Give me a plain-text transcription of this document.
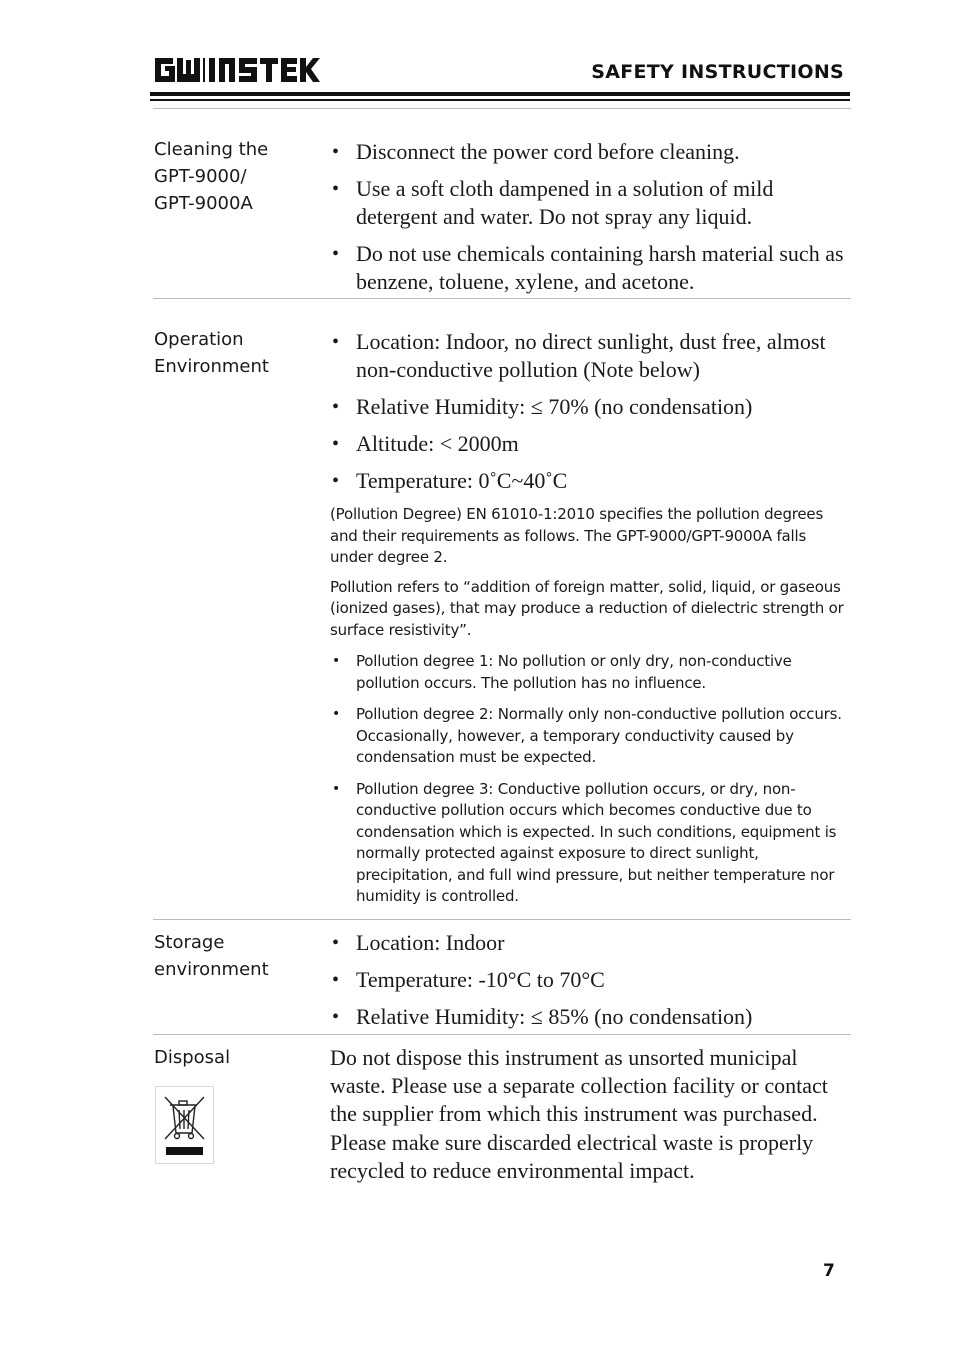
SAFETY INSTRUCTIONS
Cleaning the
GPT-9000/
GPT-9000A
• Disconnect the power cord before cleaning.
• Use a soft cloth dampened in a solution of mild detergent and water. Do not spray any liquid.
• Do not use chemicals containing harsh material such as benzene, toluene, xylene, and acetone.
Operation
Environment
• Location: Indoor, no direct sunlight, dust free, almost non-conductive pollution (Note below)
• Relative Humidity: ≤ 70% (no condensation)
• Altitude: < 2000m
• Temperature: 0˚C~40˚C

(Pollution Degree) EN 61010-1:2010 specifies the pollution degrees and their requirements as follows. The GPT-9000/GPT-9000A falls under degree 2.

Pollution refers to “addition of foreign matter, solid, liquid, or gaseous (ionized gases), that may produce a reduction of dielectric strength or surface resistivity”.

• Pollution degree 1: No pollution or only dry, non-conductive pollution occurs. The pollution has no influence.
• Pollution degree 2: Normally only non-conductive pollution occurs. Occasionally, however, a temporary conductivity caused by condensation must be expected.
• Pollution degree 3: Conductive pollution occurs, or dry, non-conductive pollution occurs which becomes conductive due to condensation which is expected. In such conditions, equipment is normally protected against exposure to direct sunlight, precipitation, and full wind pressure, but neither temperature nor humidity is controlled.
Storage
environment
• Location: Indoor
• Temperature: -10°C to 70°C
• Relative Humidity: ≤ 85% (no condensation)
Disposal	Do not dispose this instrument as unsorted municipal waste. Please use a separate collection facility or contact the supplier from which this instrument was purchased. Please make sure discarded electrical waste is properly recycled to reduce environmental impact.
7
